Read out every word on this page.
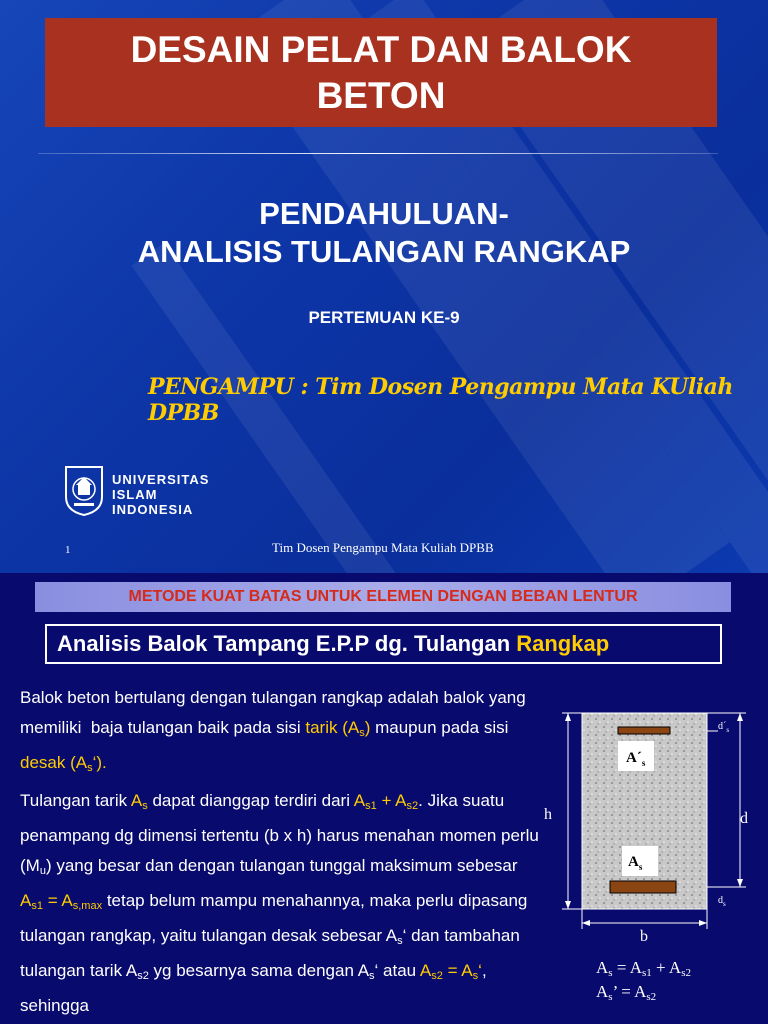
DESAIN PELAT DAN BALOK BETON
PENDAHULUAN-
ANALISIS TULANGAN RANGKAP
PERTEMUAN KE-9
PENGAMPU : Tim Dosen Pengampu Mata KUliah DPBB
UNIVERSITAS
ISLAM
INDONESIA
1	Tim Dosen Pengampu Mata Kuliah DPBB
METODE KUAT BATAS UNTUK ELEMEN DENGAN BEBAN LENTUR
Analisis Balok Tampang E.P.P dg. Tulangan Rangkap
Balok beton bertulang dengan tulangan rangkap adalah balok yang memiliki  baja tulangan baik pada sisi tarik $(A_s)$ maupun pada sisi desak $(A_s‘)$.
Tulangan tarik $A_s$ dapat dianggap terdiri dari $A_{s1} + A_{s2}$. Jika suatu penampang dg dimensi tertentu (b x h) harus menahan momen perlu $(M_u)$ yang besar dan dengan tulangan tunggal maksimum sebesar $A_{s1} = A_{s,max}$ tetap belum mampu menahannya, maka perlu dipasang tulangan rangkap, yaitu tulangan desak sebesar $A_s‘$ dan tambahan tulangan tarik $A_{s2}$ yg besarnya sama dengan $A_s‘$ atau $A_{s2}$ = $A_s‘$, sehingga
$A´_s$
$A_s$
h	d
$d´_s$
$d_s$
b
$A_s = A_{s1} + A_{s2}$
$A_s$’ = $A_{s2}$
